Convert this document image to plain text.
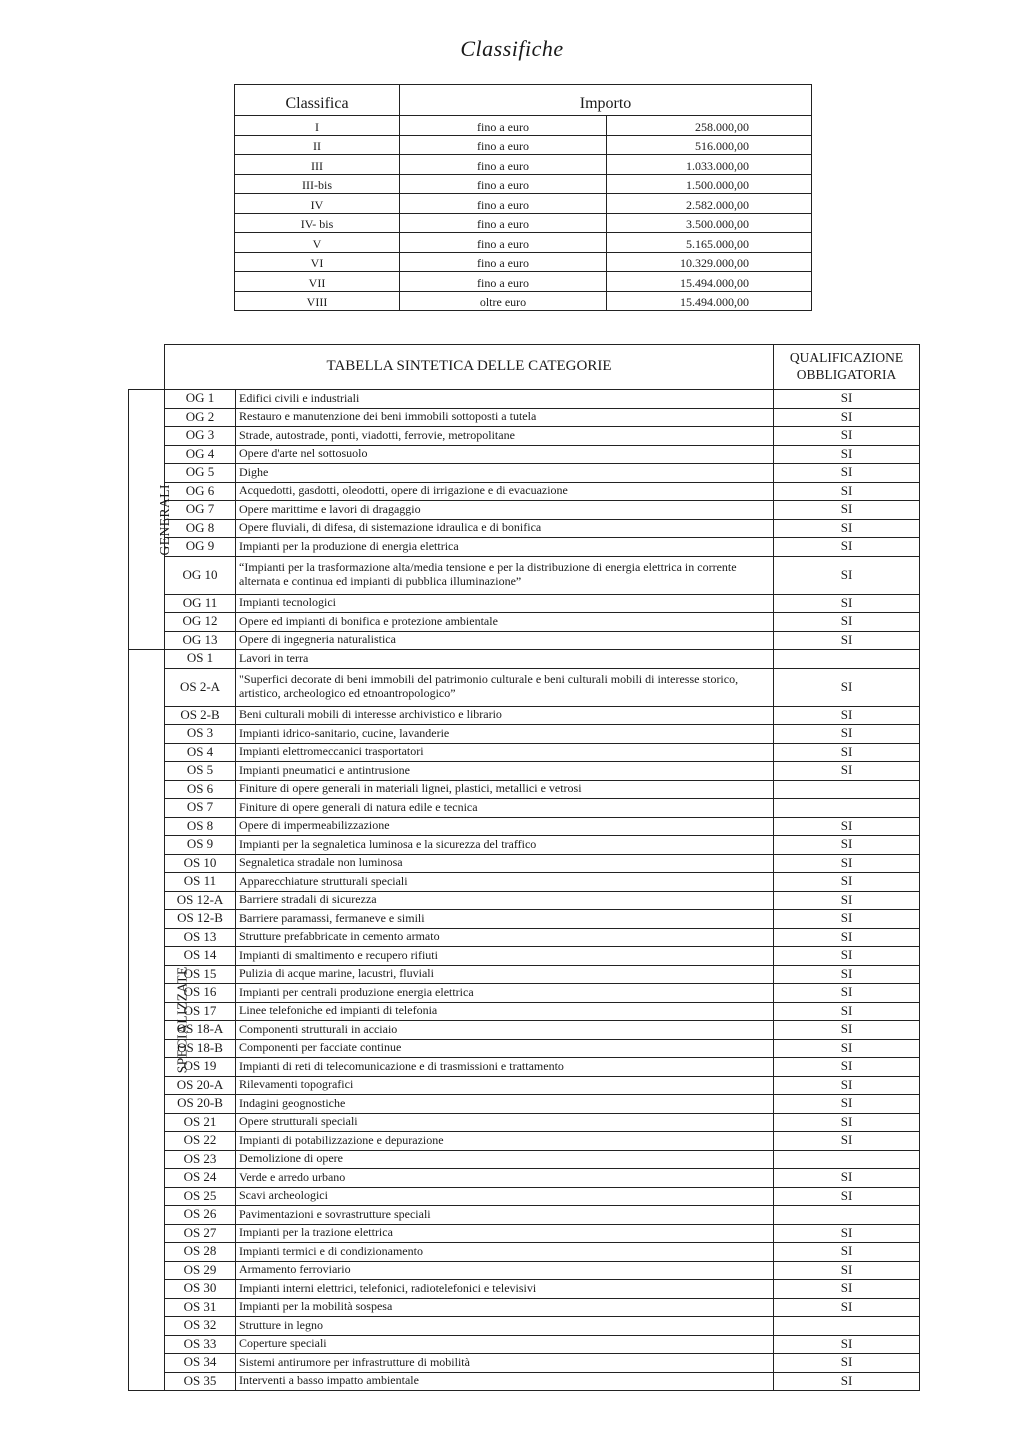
Classifiche
Classifica	Importo	
I	fino a euro	258.000,00
II	fino a euro	516.000,00
III	fino a euro	1.033.000,00
III-bis	fino a euro	1.500.000,00
IV	fino a euro	2.582.000,00
IV- bis	fino a euro	3.500.000,00
V	fino a euro	5.165.000,00
VI	fino a euro	10.329.000,00
VII	fino a euro	15.494.000,00
VIII	oltre euro	15.494.000,00
	TABELLA SINTETICA DELLE CATEGORIE		QUALIFICAZIONE OBBLIGATORIA
GENERALI	OG 1	Edifici civili e industriali	SI
	OG 2	Restauro e manutenzione dei beni immobili sottoposti a tutela	SI
	OG 3	Strade, autostrade, ponti, viadotti, ferrovie, metropolitane	SI
	OG 4	Opere d'arte nel sottosuolo	SI
	OG 5	Dighe	SI
	OG 6	Acquedotti, gasdotti, oleodotti, opere di irrigazione e di evacuazione	SI
	OG 7	Opere marittime e lavori di dragaggio	SI
	OG 8	Opere fluviali, di difesa, di sistemazione idraulica e di bonifica	SI
	OG 9	Impianti per la produzione di energia elettrica	SI
	OG 10	“Impianti per la trasformazione alta/media tensione e per la distribuzione di energia elettrica in corrente alternata e continua ed impianti di pubblica illuminazione”	SI
	OG 11	Impianti tecnologici	SI
	OG 12	Opere ed impianti di bonifica e protezione ambientale	SI
	OG 13	Opere di ingegneria naturalistica	SI
SPECIALIZZATE	OS 1	Lavori in terra	
	OS 2-A	"Superfici decorate di beni immobili del patrimonio culturale e beni culturali mobili di interesse storico, artistico, archeologico ed etnoantropologico”	SI
	OS 2-B	Beni culturali mobili di interesse archivistico e librario	SI
	OS 3	Impianti idrico-sanitario, cucine, lavanderie	SI
	OS 4	Impianti elettromeccanici trasportatori	SI
	OS 5	Impianti pneumatici e antintrusione	SI
	OS 6	Finiture di opere generali in materiali lignei, plastici, metallici e vetrosi	
	OS 7	Finiture di opere generali di natura edile e tecnica	
	OS 8	Opere di impermeabilizzazione	SI
	OS 9	Impianti per la segnaletica luminosa e la sicurezza del traffico	SI
	OS 10	Segnaletica stradale non luminosa	SI
	OS 11	Apparecchiature strutturali speciali	SI
	OS 12-A	Barriere stradali di sicurezza	SI
	OS 12-B	Barriere paramassi, fermaneve e simili	SI
	OS 13	Strutture prefabbricate in cemento armato	SI
	OS 14	Impianti di smaltimento e recupero rifiuti	SI
	OS 15	Pulizia di acque marine, lacustri, fluviali	SI
	OS 16	Impianti per centrali produzione energia elettrica	SI
	OS 17	Linee telefoniche ed impianti di telefonia	SI
	OS 18-A	Componenti strutturali in acciaio	SI
	OS 18-B	Componenti per facciate continue	SI
	OS 19	Impianti di reti di telecomunicazione e di trasmissioni e trattamento	SI
	OS 20-A	Rilevamenti topografici	SI
	OS 20-B	Indagini geognostiche	SI
	OS 21	Opere strutturali speciali	SI
	OS 22	Impianti di potabilizzazione e depurazione	SI
	OS 23	Demolizione di opere	
	OS 24	Verde e arredo urbano	SI
	OS 25	Scavi archeologici	SI
	OS 26	Pavimentazioni e sovrastrutture speciali	
	OS 27	Impianti per la trazione elettrica	SI
	OS 28	Impianti termici e di condizionamento	SI
	OS 29	Armamento ferroviario	SI
	OS 30	Impianti interni elettrici, telefonici, radiotelefonici e televisivi	SI
	OS 31	Impianti per la mobilità sospesa	SI
	OS 32	Strutture in legno	
	OS 33	Coperture speciali	SI
	OS 34	Sistemi antirumore per infrastrutture di mobilità	SI
	OS 35	Interventi a basso impatto ambientale	SI
